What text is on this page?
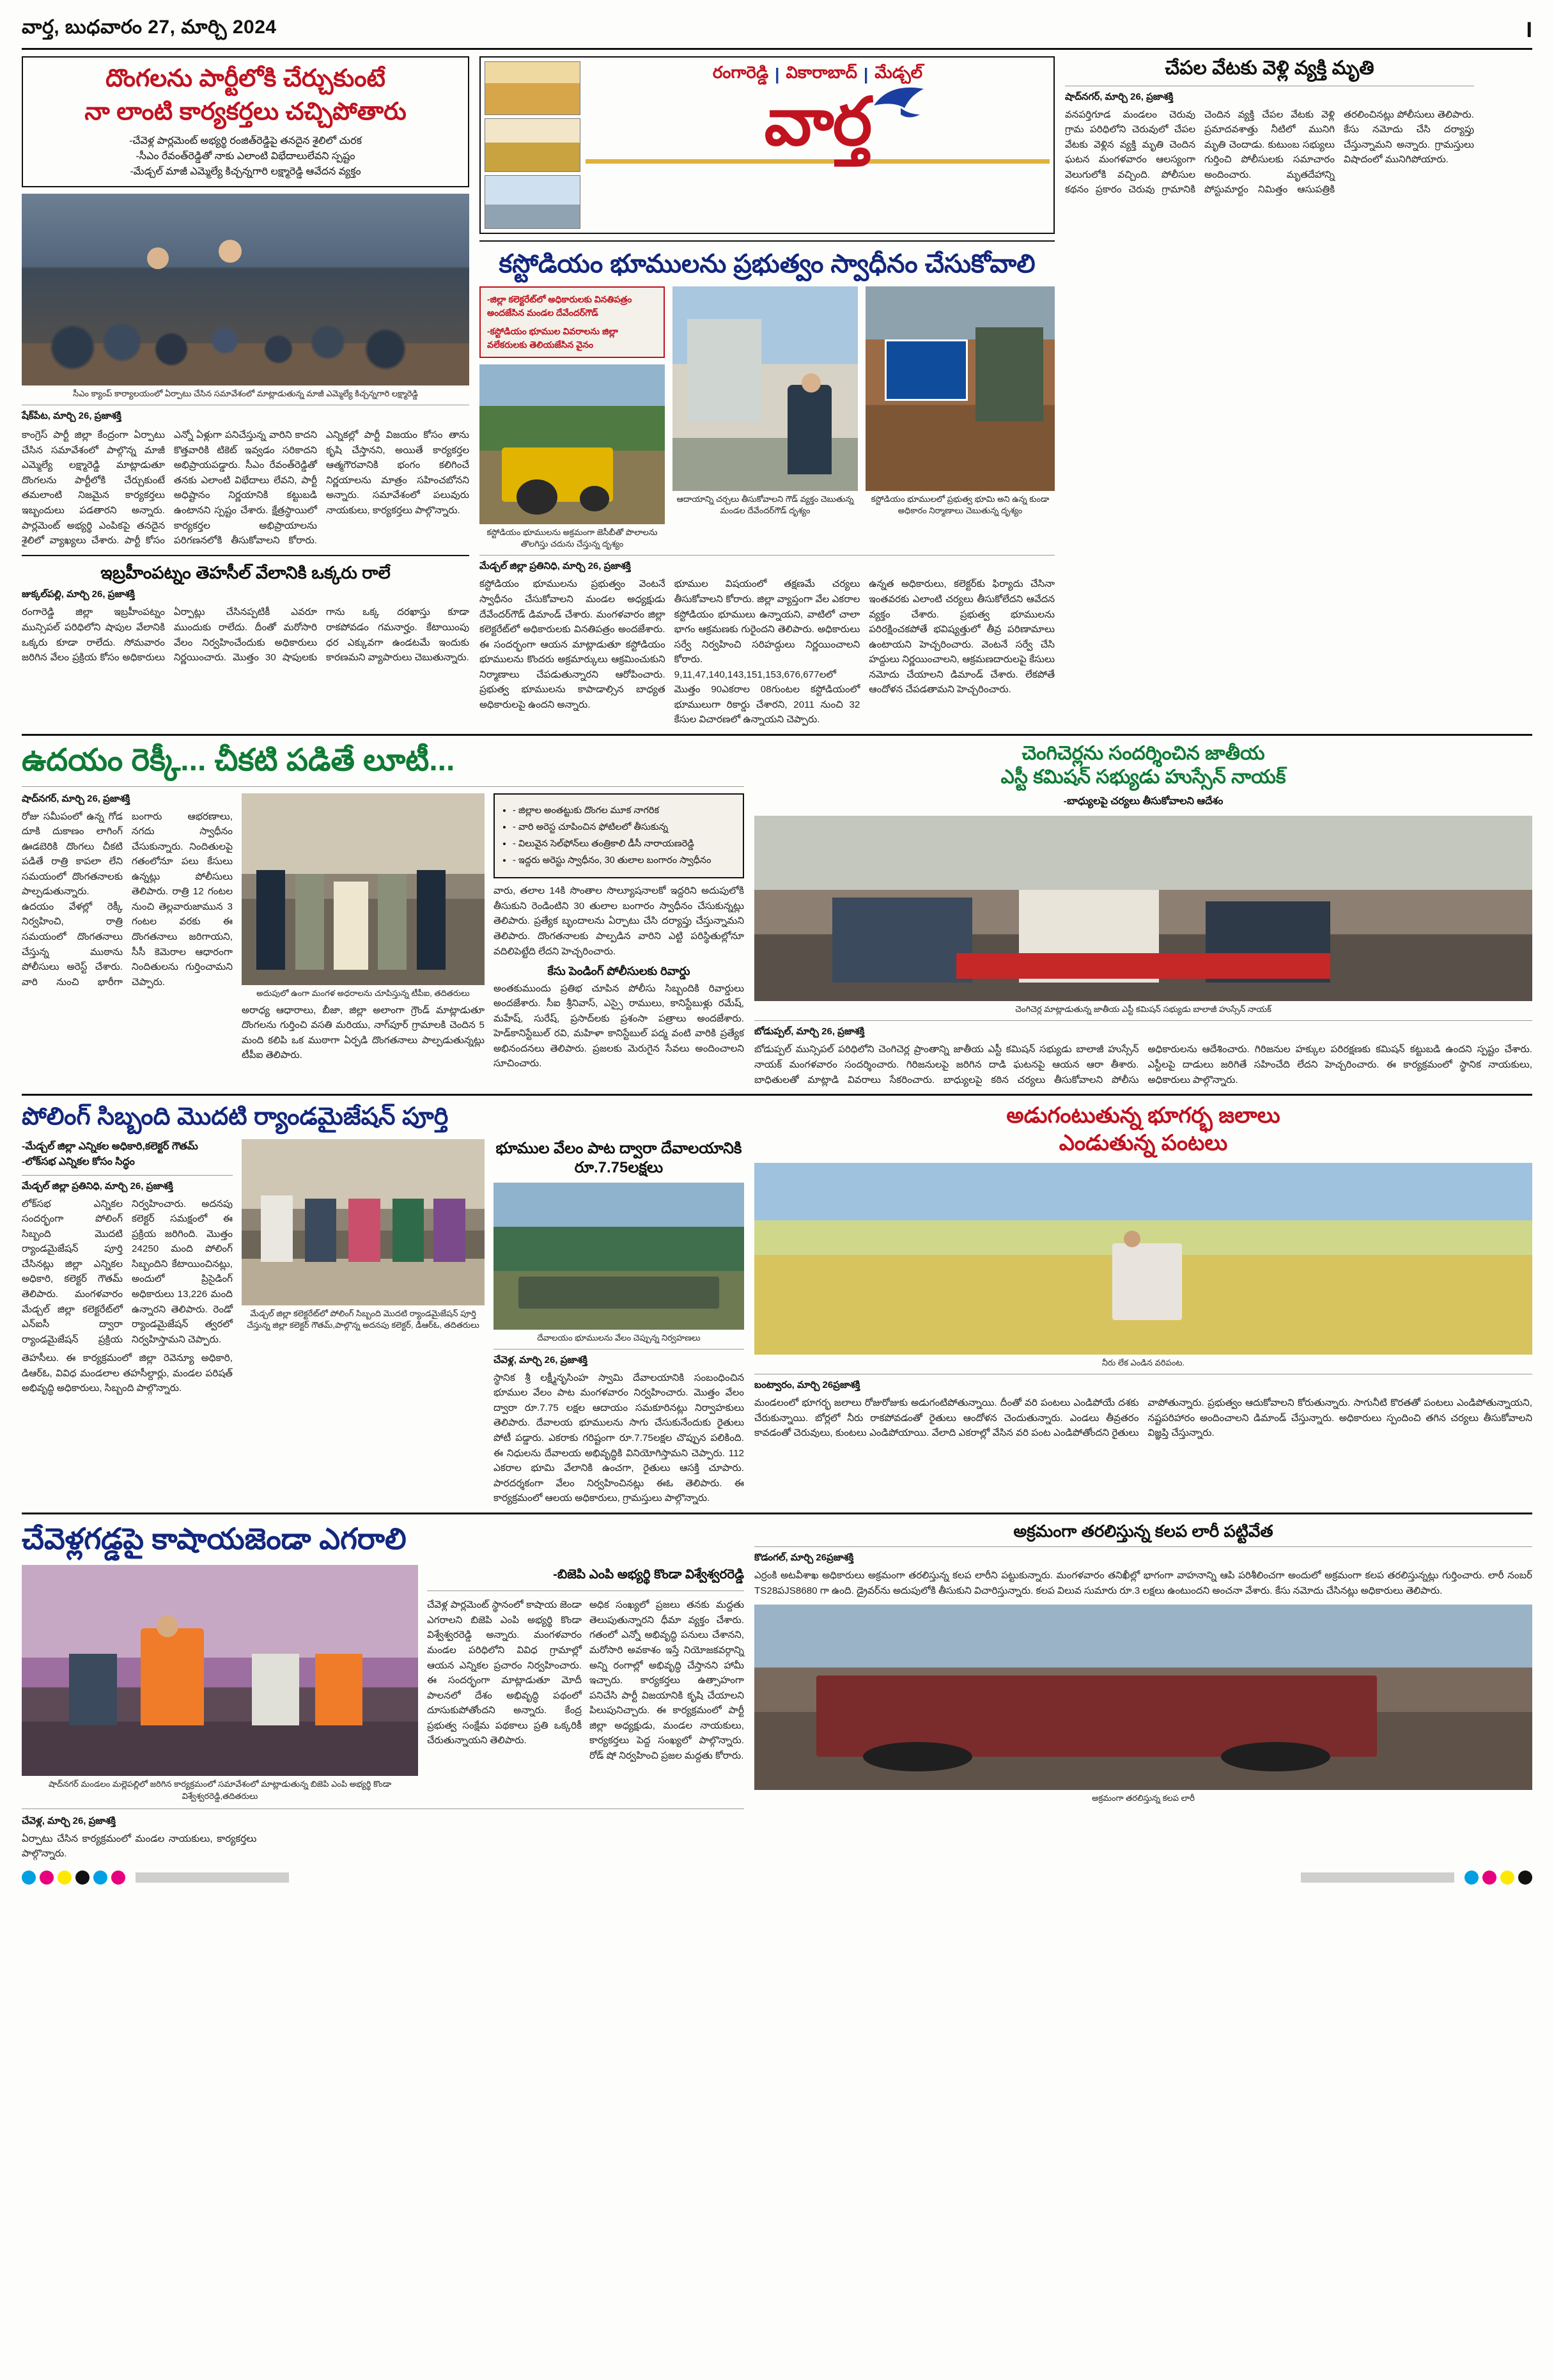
వార్త, బుధవారం 27, మార్చి 2024	I
దొంగలను పార్టీలోకి చేర్చుకుంటే
నా లాంటి కార్యకర్తలు చచ్చిపోతారు
-చేవెళ్ల పార్లమెంట్ అభ్యర్థి రంజిత్‌రెడ్డిపై తనదైన శైలిలో చురక
-సీఎం రేవంత్‌రెడ్డితో నాకు ఎలాంటి విభేదాలులేవని స్పష్టం
-మేడ్చల్ మాజీ ఎమ్మెల్యే కిచ్చన్నగారి లక్ష్మారెడ్డి ఆవేదన వ్యక్తం
సీఎం క్యాంప్ కార్యాలయంలో ఏర్పాటు చేసిన సమావేశంలో మాట్లాడుతున్న మాజీ ఎమ్మెల్యే కిచ్చన్నగారి లక్ష్మారెడ్డి
షేక్‌పేట, మార్చి 26, ప్రజాశక్తి
కాంగ్రెస్ పార్టీ జిల్లా కేంద్రంగా ఏర్పాటు చేసిన సమావేశంలో పాల్గొన్న మాజీ ఎమ్మెల్యే లక్ష్మారెడ్డి మాట్లాడుతూ దొంగలను పార్టీలోకి చేర్చుకుంటే తమలాంటి నిజమైన కార్యకర్తలు ఇబ్బందులు పడతారని అన్నారు. పార్లమెంట్ అభ్యర్థి ఎంపికపై తనదైన శైలిలో వ్యాఖ్యలు చేశారు. పార్టీ కోసం ఎన్నో ఏళ్లుగా పనిచేస్తున్న వారిని కాదని కొత్తవారికి టికెట్ ఇవ్వడం సరికాదని అభిప్రాయపడ్డారు. సీఎం రేవంత్‌రెడ్డితో తనకు ఎలాంటి విభేదాలు లేవని, పార్టీ అధిష్టానం నిర్ణయానికి కట్టుబడి ఉంటానని స్పష్టం చేశారు. క్షేత్రస్థాయిలో కార్యకర్తల అభిప్రాయాలను పరిగణనలోకి తీసుకోవాలని కోరారు. ఎన్నికల్లో పార్టీ విజయం కోసం తాను కృషి చేస్తానని, అయితే కార్యకర్తల ఆత్మగౌరవానికి భంగం కలిగించే నిర్ణయాలను మాత్రం సహించబోనని అన్నారు. సమావేశంలో పలువురు నాయకులు, కార్యకర్తలు పాల్గొన్నారు.
ఇబ్రహీంపట్నం తెహసీల్‌ వేలానికి ఒక్కరు రాలే
జుక్కల్‌పల్లి, మార్చి 26, ప్రజాశక్తి
రంగారెడ్డి జిల్లా ఇబ్రహీంపట్నం మున్సిపల్ పరిధిలోని షాపుల వేలానికి ఒక్కరు కూడా రాలేదు. సోమవారం జరిగిన వేలం ప్రక్రియ కోసం అధికారులు ఏర్పాట్లు చేసినప్పటికీ ఎవరూ ముందుకు రాలేదు. దీంతో మరోసారి వేలం నిర్వహించేందుకు అధికారులు నిర్ణయించారు. మొత్తం 30 షాపులకు గాను ఒక్క దరఖాస్తు కూడా రాకపోవడం గమనార్హం. కేటాయింపు ధర ఎక్కువగా ఉండటమే ఇందుకు కారణమని వ్యాపారులు చెబుతున్నారు.
రంగారెడ్డి | వికారాబాద్ | మేడ్చల్
వార్త
కస్టోడియం భూములను ప్రభుత్వం స్వాధీనం చేసుకోవాలి
-జిల్లా కలెక్టరేట్‌లో అధికారులకు వినతిపత్రం అందజేసిన మండల దేవేందర్‌గౌడ్
-కస్టోడియం భూముల వివరాలను జిల్లా వలేకరులకు తెలియజేసిన వైనం
కస్టోడియం భూములను అక్రమంగా జెసీబీతో పొలాలను తొలగిస్తు చదును చేస్తున్న దృశ్యం
ఆదాయాన్ని చర్చలు తీసుకోవాలని గౌడ్ వ్యక్తం చెబుతున్న మండల దేవేందర్‌గౌడ్ దృశ్యం
కస్టోడియం భూములలో ప్రభుత్వ భూమి అని ఉన్న కుండా అధికారం నిర్మాణాలు చెబుతున్న దృశ్యం
మేడ్చల్ జిల్లా ప్రతినిధి, మార్చి 26, ప్రజాశక్తి
కస్టోడియం భూములను ప్రభుత్వం వెంటనే స్వాధీనం చేసుకోవాలని మండల అధ్యక్షుడు దేవేందర్‌గౌడ్ డిమాండ్ చేశారు. మంగళవారం జిల్లా కలెక్టరేట్‌లో అధికారులకు వినతిపత్రం అందజేశారు. ఈ సందర్భంగా ఆయన మాట్లాడుతూ కస్టోడియం భూములను కొందరు అక్రమార్కులు ఆక్రమించుకుని నిర్మాణాలు చేపడుతున్నారని ఆరోపించారు. ప్రభుత్వ భూములను కాపాడాల్సిన బాధ్యత అధికారులపై ఉందని అన్నారు.
భూముల విషయంలో తక్షణమే చర్యలు తీసుకోవాలని కోరారు. జిల్లా వ్యాప్తంగా వేల ఎకరాల కస్టోడియం భూములు ఉన్నాయని, వాటిలో చాలా భాగం ఆక్రమణకు గురైందని తెలిపారు. అధికారులు సర్వే నిర్వహించి సరిహద్దులు నిర్ణయించాలని కోరారు. 9,11,47,140,143,151,153,676,677లలో మొత్తం 90ఎకరాల 08గుంటల కస్టోడియంలో భూములుగా రికార్డు చేశారని, 2011 నుంచి 32 కేసుల విచారణలో ఉన్నాయని చెప్పారు.
ఉన్నత అధికారులు, కలెక్టర్‌కు ఫిర్యాదు చేసినా ఇంతవరకు ఎలాంటి చర్యలు తీసుకోలేదని ఆవేదన వ్యక్తం చేశారు. ప్రభుత్వ భూములను పరిరక్షించకపోతే భవిష్యత్తులో తీవ్ర పరిణామాలు ఉంటాయని హెచ్చరించారు. వెంటనే సర్వే చేసి హద్దులు నిర్ణయించాలని, ఆక్రమణదారులపై కేసులు నమోదు చేయాలని డిమాండ్ చేశారు. లేకపోతే ఆందోళన చేపడతామని హెచ్చరించారు.
చేపల వేటకు వెళ్లి వ్యక్తి మృతి
షాద్‌నగర్, మార్చి 26, ప్రజాశక్తి
వనపర్తిగూడ మండలం చెరువు గ్రామ పరిధిలోని చెరువులో చేపల వేటకు వెళ్లిన వ్యక్తి మృతి చెందిన ఘటన మంగళవారం ఆలస్యంగా వెలుగులోకి వచ్చింది. పోలీసుల కథనం ప్రకారం చెరువు గ్రామానికి చెందిన వ్యక్తి చేపల వేటకు వెళ్లి ప్రమాదవశాత్తు నీటిలో మునిగి మృతి చెందాడు. కుటుంబ సభ్యులు గుర్తించి పోలీసులకు సమాచారం అందించారు. మృతదేహాన్ని పోస్టుమార్టం నిమిత్తం ఆసుపత్రికి తరలించినట్లు పోలీసులు తెలిపారు. కేసు నమోదు చేసి దర్యాప్తు చేస్తున్నామని అన్నారు. గ్రామస్తులు విషాదంలో మునిగిపోయారు.
ఉదయం రెక్కీ... చీకటి పడితే లూటీ...
షాద్‌నగర్, మార్చి 26, ప్రజాశక్తి
రోజు సమీపంలో ఉన్న గోడ దూకి దుకాణం లాగింగ్ ఊడబెరికి దొంగలు చీకటి పడితే రాత్రి కాపలా లేని సమయంలో దొంగతనాలకు పాల్పడుతున్నారు. ఉదయం వేళల్లో రెక్కీ నిర్వహించి, రాత్రి సమయంలో దొంగతనాలు చేస్తున్న ముఠాను పోలీసులు అరెస్ట్ చేశారు. వారి నుంచి భారీగా బంగారు ఆభరణాలు, నగదు స్వాధీనం చేసుకున్నారు. నిందితులపై గతంలోనూ పలు కేసులు ఉన్నట్లు పోలీసులు తెలిపారు. రాత్రి 12 గంటల నుంచి తెల్లవారుజామున 3 గంటల వరకు ఈ దొంగతనాలు జరిగాయని, సీసీ కెమెరాల ఆధారంగా నిందితులను గుర్తించామని చెప్పారు.
అదుపులో ఉంగా మంగళ అధరాలను చూపిస్తున్న టీపీఐ, తదితరులు
అరాధ్య ఆధారాలు, బీజా, జిల్లా అలాంగా గ్రౌండ్ మాట్లాడుతూ దొంగలను గుర్తించి వసతి మరియు, నాగ్‌పూర్ గ్రామాలకి చెందిన 5 మంది కలిపి ఒక ముఠాగా ఏర్పడి దొంగతనాలు పాల్పడుతున్నట్లు టీపీఐ తెలిపారు.
• - జిల్లాల అంతట్టుకు దొంగల మూక నాగరిక
• - వారి అరెస్ట చూపించిన ఫోటిలలో తీసుకున్న
• - విలువైన సెల్‌ఫోన్‌లు తంత్రికాలి డీసీ నారాయణరెడ్డి
• - ఇద్దరు అరెస్టు స్వాధీనం, 30 తులాల బంగారం స్వాధీనం
వారు, తలాల 14కి సొంతాల సొల్యూషనాలకో ఇద్దరిని అదుపులోకి తీసుకుని రెండింటిని 30 తులాల బంగారం స్వాధీనం చేసుకున్నట్లు తెలిపారు. ప్రత్యేక బృందాలను ఏర్పాటు చేసి దర్యాప్తు చేస్తున్నామని తెలిపారు. దొంగతనాలకు పాల్పడిన వారిని ఎట్టి పరిస్థితుల్లోనూ వదిలిపెట్టేది లేదని హెచ్చరించారు.
కేసు పెండింగ్ పోలీసులకు రివార్డు
అంతకుముందు ప్రతిభ చూపిన పోలీసు సిబ్బందికి రివార్డులు అందజేశారు. సీఐ శ్రీనివాస్, ఎస్సై రాములు, కానిస్టేబుళ్లు రమేష్, మహేష్, సురేష్, ప్రసాద్‌లకు ప్రశంసా పత్రాలు అందజేశారు. హెడ్‌కానిస్టేబుల్ రవి, మహిళా కానిస్టేబుల్ పద్మ వంటి వారికి ప్రత్యేక అభినందనలు తెలిపారు. ప్రజలకు మెరుగైన సేవలు అందించాలని సూచించారు.
చెంగిచెర్లను సందర్శించిన జాతీయ
ఎస్టీ కమిషన్ సభ్యుడు హుస్సేన్ నాయక్
-బాధ్యులపై చర్యలు తీసుకోవాలని ఆదేశం
చెంగిచెర్ల మాట్లాడుతున్న జాతీయ ఎస్టీ కమిషన్ సభ్యుడు బాలాజీ హుస్సేన్ నాయక్
బోడుప్పల్, మార్చి 26, ప్రజాశక్తి
బోడుప్పల్ మున్సిపల్ పరిధిలోని చెంగిచెర్ల ప్రాంతాన్ని జాతీయ ఎస్టీ కమిషన్ సభ్యుడు బాలాజీ హుస్సేన్ నాయక్ మంగళవారం సందర్శించారు. గిరిజనులపై జరిగిన దాడి ఘటనపై ఆయన ఆరా తీశారు. బాధితులతో మాట్లాడి వివరాలు సేకరించారు. బాధ్యులపై కఠిన చర్యలు తీసుకోవాలని పోలీసు అధికారులను ఆదేశించారు. గిరిజనుల హక్కుల పరిరక్షణకు కమిషన్ కట్టుబడి ఉందని స్పష్టం చేశారు. ఎస్టీలపై దాడులు జరిగితే సహించేది లేదని హెచ్చరించారు. ఈ కార్యక్రమంలో స్థానిక నాయకులు, అధికారులు పాల్గొన్నారు.
పోలింగ్ సిబ్బంది మొదటి ర్యాండమైజేషన్ పూర్తి
-మేడ్చల్ జిల్లా ఎన్నికల అధికారి,కలెక్టర్ గౌతమ్
-లోక్‌సభ ఎన్నికల కోసం సిద్ధం
మేడ్చల్ జిల్లా ప్రతినిధి, మార్చి 26, ప్రజాశక్తి
లోక్‌సభ ఎన్నికల సందర్భంగా పోలింగ్ సిబ్బంది మొదటి ర్యాండమైజేషన్ పూర్తి చేసినట్లు జిల్లా ఎన్నికల అధికారి, కలెక్టర్ గౌతమ్ తెలిపారు. మంగళవారం మేడ్చల్ జిల్లా కలెక్టరేట్‌లో ఎన్ఐసీ ద్వారా ర్యాండమైజేషన్ ప్రక్రియ నిర్వహించారు. అదనపు కలెక్టర్ సమక్షంలో ఈ ప్రక్రియ జరిగింది. మొత్తం 24250 మంది పోలింగ్ సిబ్బందిని కేటాయించినట్లు, అందులో ప్రిసైడింగ్ అధికారులు 13,226 మంది ఉన్నారని తెలిపారు. రెండో ర్యాండమైజేషన్ త్వరలో నిర్వహిస్తామని చెప్పారు.
తెహసీలు. ఈ కార్యక్రమంలో జిల్లా రెవెన్యూ అధికారి, డిఆర్‌ఓ, వివిధ మండలాల తహసీల్దార్లు, మండల పరిషత్ అభివృద్ధి అధికారులు, సిబ్బంది పాల్గొన్నారు.
మేడ్చల్ జిల్లా కలెక్టరేట్‌లో పోలింగ్ సిబ్బంది మొదటి ర్యాండమైజేషన్ పూర్తి చేస్తున్న జిల్లా కలెక్టర్ గౌతమ్,పాల్గొన్న అదనపు కలెక్టర్, డీఆర్ఓ, తదితరులు
భూముల వేలం పాట ద్వారా దేవాలయానికి రూ.7.75లక్షలు
దేవాలయం భూములను వేలం చెప్పున్న నిర్వహణలు
చేవెళ్ల, మార్చి 26, ప్రజాశక్తి
స్థానిక శ్రీ లక్ష్మీనృసింహ స్వామి దేవాలయానికి సంబంధించిన భూముల వేలం పాట మంగళవారం నిర్వహించారు. మొత్తం వేలం ద్వారా రూ.7.75 లక్షల ఆదాయం సమకూరినట్లు నిర్వాహకులు తెలిపారు. దేవాలయ భూములను సాగు చేసుకునేందుకు రైతులు పోటీ పడ్డారు. ఎకరాకు గరిష్టంగా రూ.7.75లక్షల చొప్పున పలికింది. ఈ నిధులను దేవాలయ అభివృద్ధికి వినియోగిస్తామని చెప్పారు. 112 ఎకరాల భూమి వేలానికి ఉంచగా, రైతులు ఆసక్తి చూపారు. పారదర్శకంగా వేలం నిర్వహించినట్లు ఈఓ తెలిపారు. ఈ కార్యక్రమంలో ఆలయ అధికారులు, గ్రామస్తులు పాల్గొన్నారు.
అడుగంటుతున్న భూగర్భ జలాలు
ఎండుతున్న పంటలు
నీరు లేక ఎండిన వరిపంట.
బంట్వారం, మార్చి 26ప్రజాశక్తి
మండలంలో భూగర్భ జలాలు రోజురోజుకు అడుగంటిపోతున్నాయి. దీంతో వరి పంటలు ఎండిపోయే దశకు చేరుకున్నాయి. బోర్లలో నీరు రాకపోవడంతో రైతులు ఆందోళన చెందుతున్నారు. ఎండలు తీవ్రతరం కావడంతో చెరువులు, కుంటలు ఎండిపోయాయి. వేలాది ఎకరాల్లో వేసిన వరి పంట ఎండిపోతోందని రైతులు వాపోతున్నారు. ప్రభుత్వం ఆదుకోవాలని కోరుతున్నారు. సాగునీటి కొరతతో పంటలు ఎండిపోతున్నాయని, నష్టపరిహారం అందించాలని డిమాండ్ చేస్తున్నారు. అధికారులు స్పందించి తగిన చర్యలు తీసుకోవాలని విజ్ఞప్తి చేస్తున్నారు.
చేవెళ్లగడ్డపై కాషాయజెండా ఎగరాలి
షాద్‌నగర్ మండలం మల్లెపల్లిలో జరిగిన కార్యక్రమంలో సమావేశంలో మాట్లాడుతున్న బిజెపి ఎంపి అభ్యర్థి కొండా విశ్వేశ్వరరెడ్డి,తదితరులు
-బిజెపి ఎంపి అభ్యర్థి కొండా విశ్వేశ్వరరెడ్డి
చేవెళ్ల పార్లమెంట్ స్థానంలో కాషాయ జెండా ఎగరాలని బిజెపి ఎంపి అభ్యర్థి కొండా విశ్వేశ్వరరెడ్డి అన్నారు. మంగళవారం మండల పరిధిలోని వివిధ గ్రామాల్లో ఆయన ఎన్నికల ప్రచారం నిర్వహించారు. ఈ సందర్భంగా మాట్లాడుతూ మోదీ పాలనలో దేశం అభివృద్ధి పథంలో దూసుకుపోతోందని అన్నారు. కేంద్ర ప్రభుత్వ సంక్షేమ పథకాలు ప్రతి ఒక్కరికీ చేరుతున్నాయని తెలిపారు.
అధిక సంఖ్యలో ప్రజలు తనకు మద్దతు తెలుపుతున్నారని ధీమా వ్యక్తం చేశారు. గతంలో ఎన్నో అభివృద్ధి పనులు చేశానని, మరోసారి అవకాశం ఇస్తే నియోజకవర్గాన్ని అన్ని రంగాల్లో అభివృద్ధి చేస్తానని హామీ ఇచ్చారు. కార్యకర్తలు ఉత్సాహంగా పనిచేసి పార్టీ విజయానికి కృషి చేయాలని పిలుపునిచ్చారు. ఈ కార్యక్రమంలో పార్టీ జిల్లా అధ్యక్షుడు, మండల నాయకులు, కార్యకర్తలు పెద్ద సంఖ్యలో పాల్గొన్నారు. రోడ్ షో నిర్వహించి ప్రజల మద్దతు కోరారు.
చేవెళ్ల, మార్చి 26, ప్రజాశక్తి
ఏర్పాటు చేసిన కార్యక్రమంలో మండల నాయకులు, కార్యకర్తలు పాల్గొన్నారు.
అక్రమంగా తరలిస్తున్న కలప లారీ పట్టివేత
కొడంగల్, మార్చి 26ప్రజాశక్తి
ఎర్రంకి అటవీశాఖ అధికారులు అక్రమంగా తరలిస్తున్న కలప లారీని పట్టుకున్నారు. మంగళవారం తనిఖీల్లో భాగంగా వాహనాన్ని ఆపి పరిశీలించగా అందులో అక్రమంగా కలప తరలిస్తున్నట్లు గుర్తించారు. లారీ నంబర్ TS28పJS8680 గా ఉంది. డ్రైవర్‌ను అదుపులోకి తీసుకుని విచారిస్తున్నారు. కలప విలువ సుమారు రూ.3 లక్షలు ఉంటుందని అంచనా వేశారు. కేసు నమోదు చేసినట్లు అధికారులు తెలిపారు.
అక్రమంగా తరలిస్తున్న కలప లారీ
